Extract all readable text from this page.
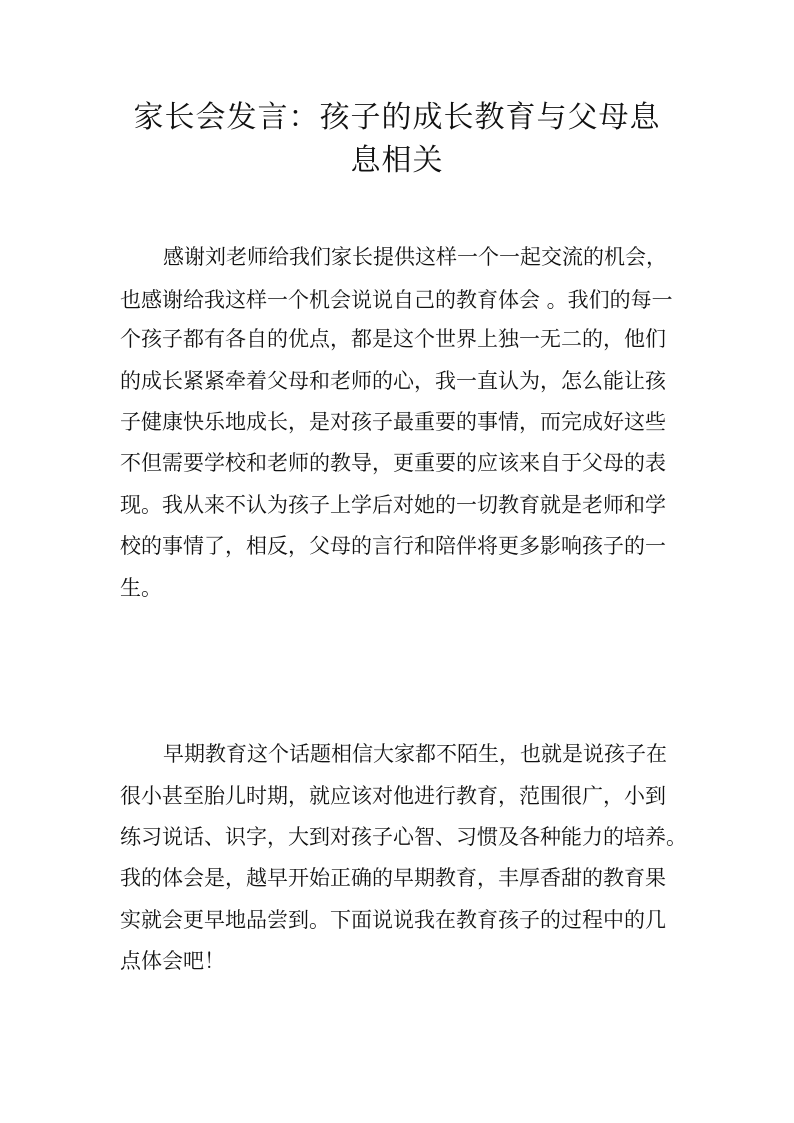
家长会发言：孩子的成长教育与父母息
息相关
感谢刘老师给我们家长提供这样一个一起交流的机会，
也感谢给我这样一个机会说说自己的教育体会 。我们的每一
个孩子都有各自的优点，都是这个世界上独一无二的，他们
的成长紧紧牵着父母和老师的心，我一直认为，怎么能让孩
子健康快乐地成长，是对孩子最重要的事情，而完成好这些
不但需要学校和老师的教导，更重要的应该来自于父母的表
现。我从来不认为孩子上学后对她的一切教育就是老师和学
校的事情了，相反，父母的言行和陪伴将更多影响孩子的一
生。
早期教育这个话题相信大家都不陌生，也就是说孩子在
很小甚至胎儿时期，就应该对他进行教育，范围很广，小到
练习说话、识字，大到对孩子心智、习惯及各种能力的培养。
我的体会是，越早开始正确的早期教育，丰厚香甜的教育果
实就会更早地品尝到。下面说说我在教育孩子的过程中的几
点体会吧！
